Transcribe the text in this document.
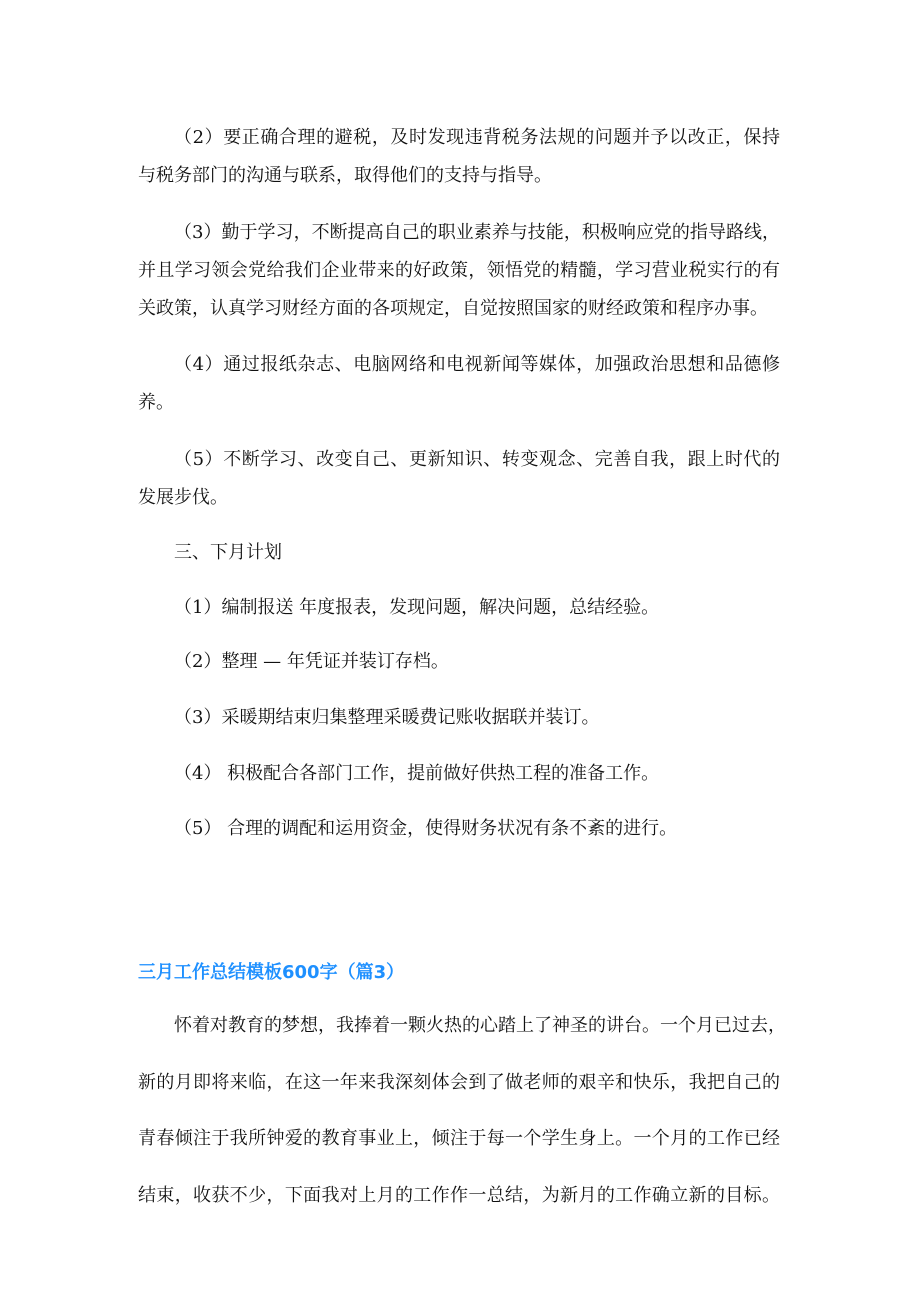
（2）要正确合理的避税，及时发现违背税务法规的问题并予以改正，保持
与税务部门的沟通与联系，取得他们的支持与指导。
（3）勤于学习，不断提高自己的职业素养与技能，积极响应党的指导路线，
并且学习领会党给我们企业带来的好政策，领悟党的精髓，学习营业税实行的有
关政策，认真学习财经方面的各项规定，自觉按照国家的财经政策和程序办事。
（4）通过报纸杂志、电脑网络和电视新闻等媒体，加强政治思想和品德修
养。
（5）不断学习、改变自己、更新知识、转变观念、完善自我，跟上时代的
发展步伐。
三、下月计划
（1）编制报送 年度报表，发现问题，解决问题，总结经验。
（2）整理 — 年凭证并装订存档。
（3）采暖期结束归集整理采暖费记账收据联并装订。
（4） 积极配合各部门工作，提前做好供热工程的准备工作。
（5） 合理的调配和运用资金，使得财务状况有条不紊的进行。
怀着对教育的梦想，我捧着一颗火热的心踏上了神圣的讲台。一个月已过去，
新的月即将来临，在这一年来我深刻体会到了做老师的艰辛和快乐，我把自己的
青春倾注于我所钟爱的教育事业上，倾注于每一个学生身上。一个月的工作已经
结束，收获不少，下面我对上月的工作作一总结，为新月的工作确立新的目标。
三月工作总结模板600字（篇3）
